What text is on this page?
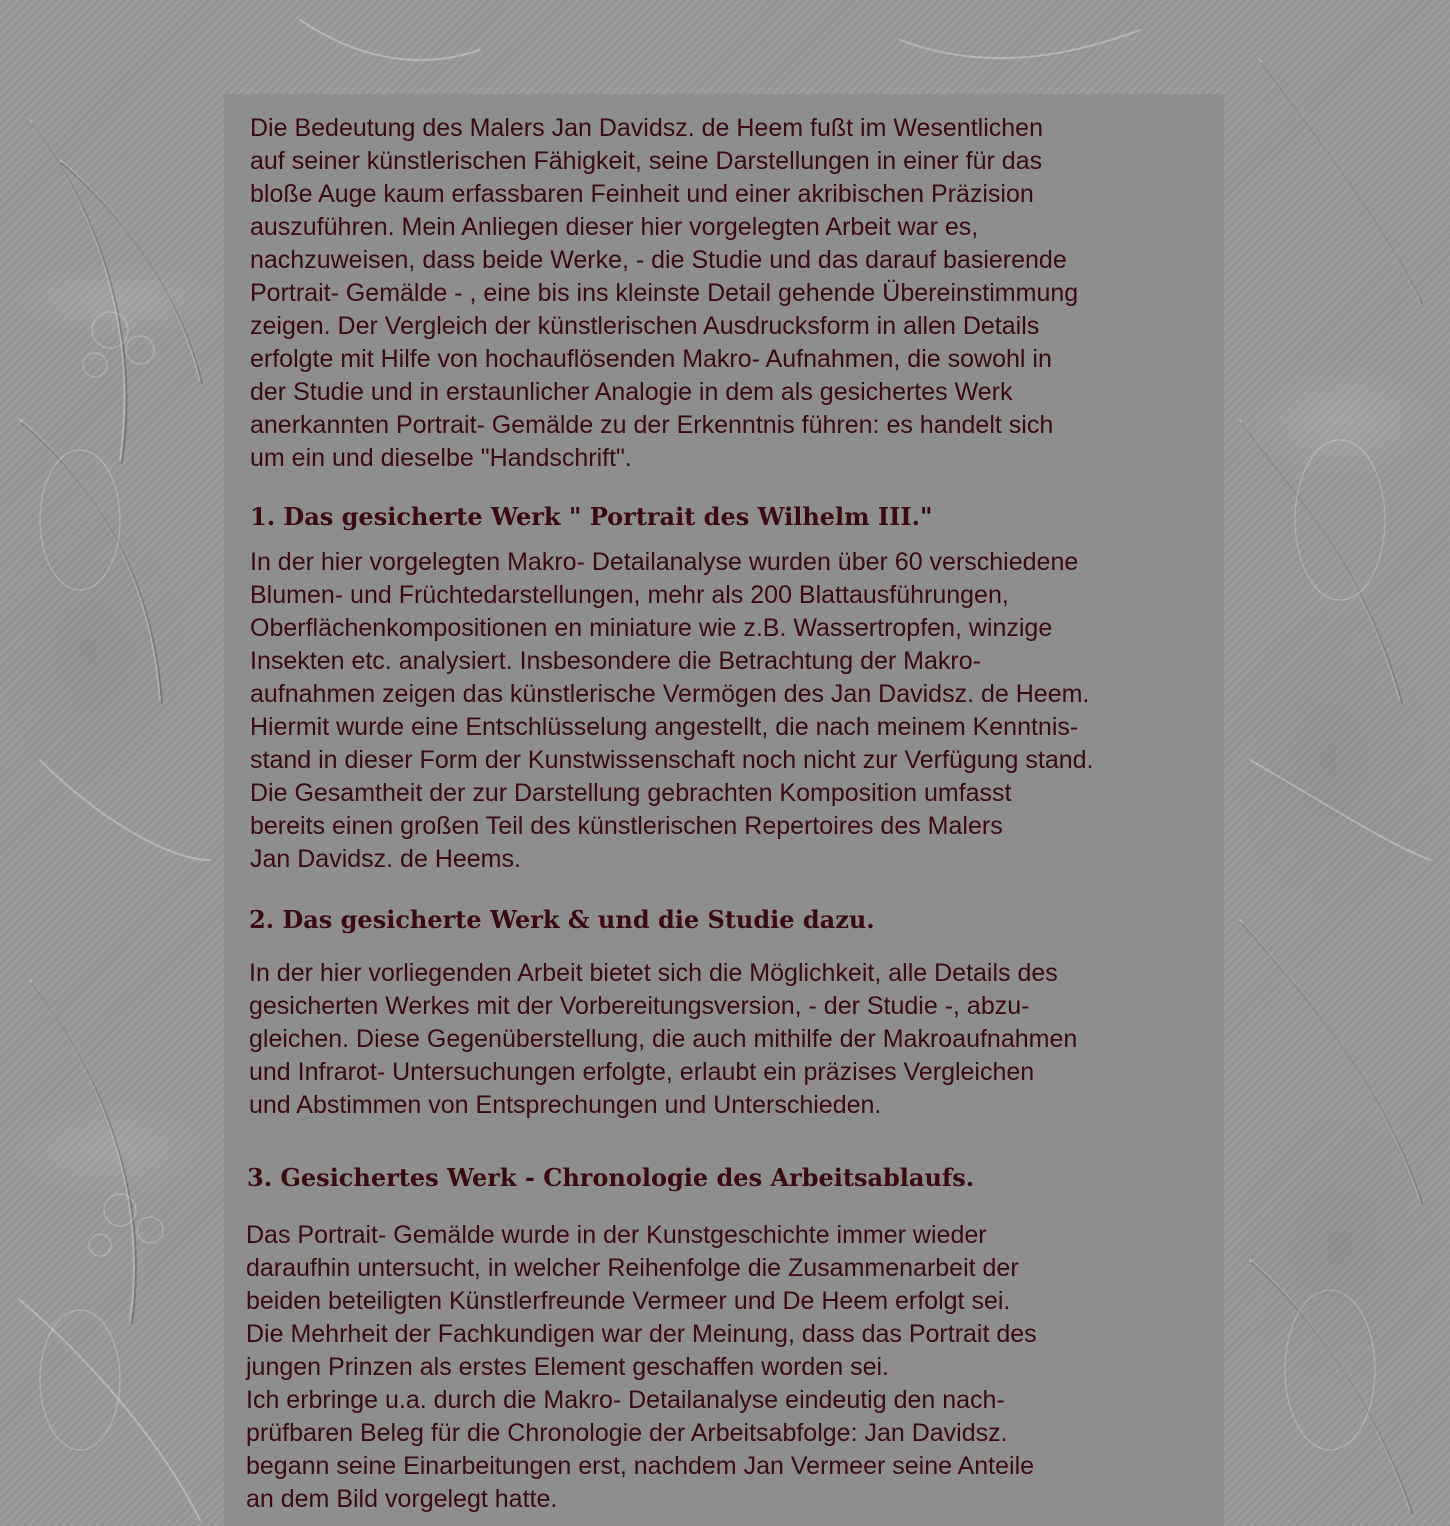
Die Bedeutung des Malers Jan Davidsz. de Heem fußt im Wesentlichen
auf seiner künstlerischen Fähigkeit, seine Darstellungen in einer für das
bloße Auge kaum erfassbaren Feinheit und einer akribischen Präzision
auszuführen. Mein Anliegen dieser hier vorgelegten Arbeit war es,
nachzuweisen, dass beide Werke, - die Studie und das darauf basierende
Portrait- Gemälde - , eine bis ins kleinste Detail gehende Übereinstimmung
zeigen. Der Vergleich der künstlerischen Ausdrucksform in allen Details
erfolgte mit Hilfe von hochauflösenden Makro- Aufnahmen, die sowohl in
der Studie und in erstaunlicher Analogie in dem als gesichertes Werk
anerkannten Portrait- Gemälde zu der Erkenntnis führen: es handelt sich
um ein und dieselbe "Handschrift".

1. Das gesicherte Werk " Portrait des Wilhelm III."

In der hier vorgelegten Makro- Detailanalyse wurden über 60 verschiedene
Blumen- und Früchtedarstellungen, mehr als 200 Blattausführungen,
Oberflächenkompositionen en miniature wie z.B. Wassertropfen, winzige
Insekten etc. analysiert. Insbesondere die Betrachtung der Makro-
aufnahmen zeigen das künstlerische Vermögen des Jan Davidsz. de Heem.
Hiermit wurde eine Entschlüsselung angestellt, die nach meinem Kenntnis-
stand in dieser Form der Kunstwissenschaft noch nicht zur Verfügung stand.
Die Gesamtheit der zur Darstellung gebrachten Komposition umfasst
bereits einen großen Teil des künstlerischen Repertoires des Malers
Jan Davidsz. de Heems.

2. Das gesicherte Werk & und die Studie dazu.

In der hier vorliegenden Arbeit bietet sich die Möglichkeit, alle Details des
gesicherten Werkes mit der Vorbereitungsversion, - der Studie -, abzu-
gleichen. Diese Gegenüberstellung, die auch mithilfe der Makroaufnahmen
und Infrarot- Untersuchungen erfolgte, erlaubt ein präzises Vergleichen
und Abstimmen von Entsprechungen und Unterschieden.

3. Gesichertes Werk - Chronologie des Arbeitsablaufs.

Das Portrait- Gemälde wurde in der Kunstgeschichte immer wieder
daraufhin untersucht, in welcher Reihenfolge die Zusammenarbeit der
beiden beteiligten Künstlerfreunde Vermeer und De Heem erfolgt sei.
Die Mehrheit der Fachkundigen war der Meinung, dass das Portrait des
jungen Prinzen als erstes Element geschaffen worden sei.
Ich erbringe u.a. durch die Makro- Detailanalyse eindeutig den nach-
prüfbaren Beleg für die Chronologie der Arbeitsabfolge: Jan Davidsz.
begann seine Einarbeitungen erst, nachdem Jan Vermeer seine Anteile
an dem Bild vorgelegt hatte.
